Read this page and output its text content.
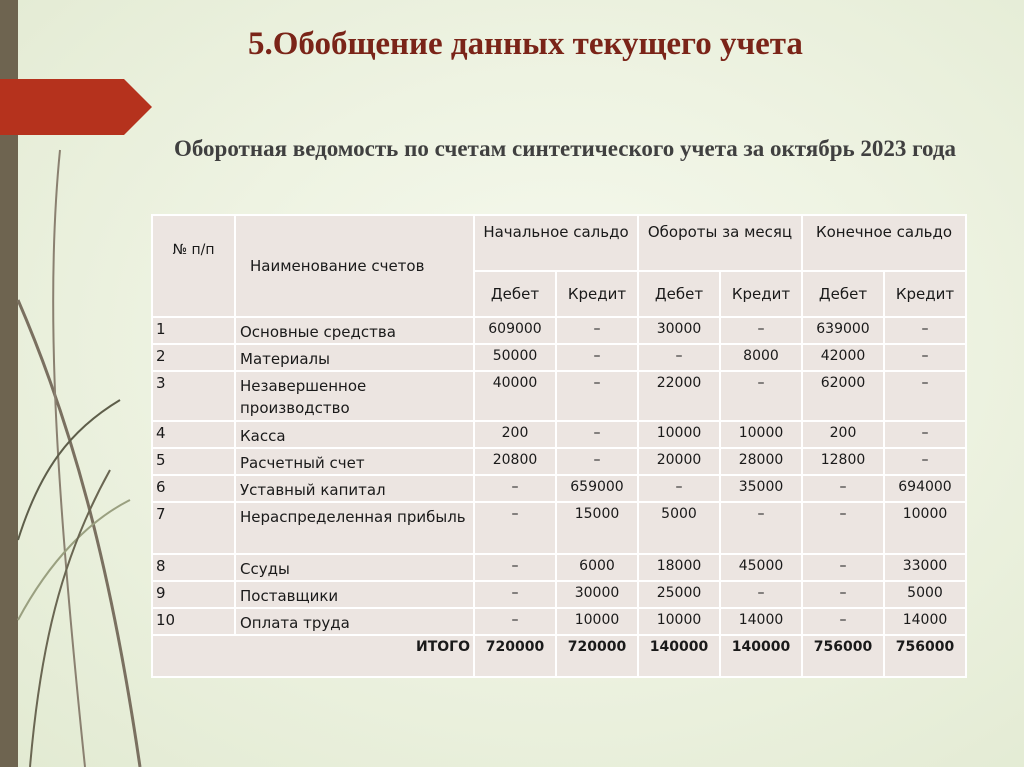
5.Обобщение данных текущего учета
Оборотная ведомость по счетам синтетического учета за октябрь 2023 года
№ п/п	Наименование счетов	Начальное сальдо		Обороты за месяц		Конечное сальдо	
		Дебет	Кредит	Дебет	Кредит	Дебет	Кредит
1	Основные средства	609000	–	30000	–	639000	–
2	Материалы	50000	–	–	8000	42000	–
3	Незавершенное производство	40000	–	22000	–	62000	–
4	Касса	200	–	10000	10000	200	–
5	Расчетный счет	20800	–	20000	28000	12800	–
6	Уставный капитал	–	659000	–	35000	–	694000
7	Нераспределенная прибыль	–	15000	5000	–	–	10000
8	Ссуды	–	6000	18000	45000	–	33000
9	Поставщики	–	30000	25000	–	–	5000
10	Оплата труда	–	10000	10000	14000	–	14000
ИТОГО		720000	720000	140000	140000	756000	756000
